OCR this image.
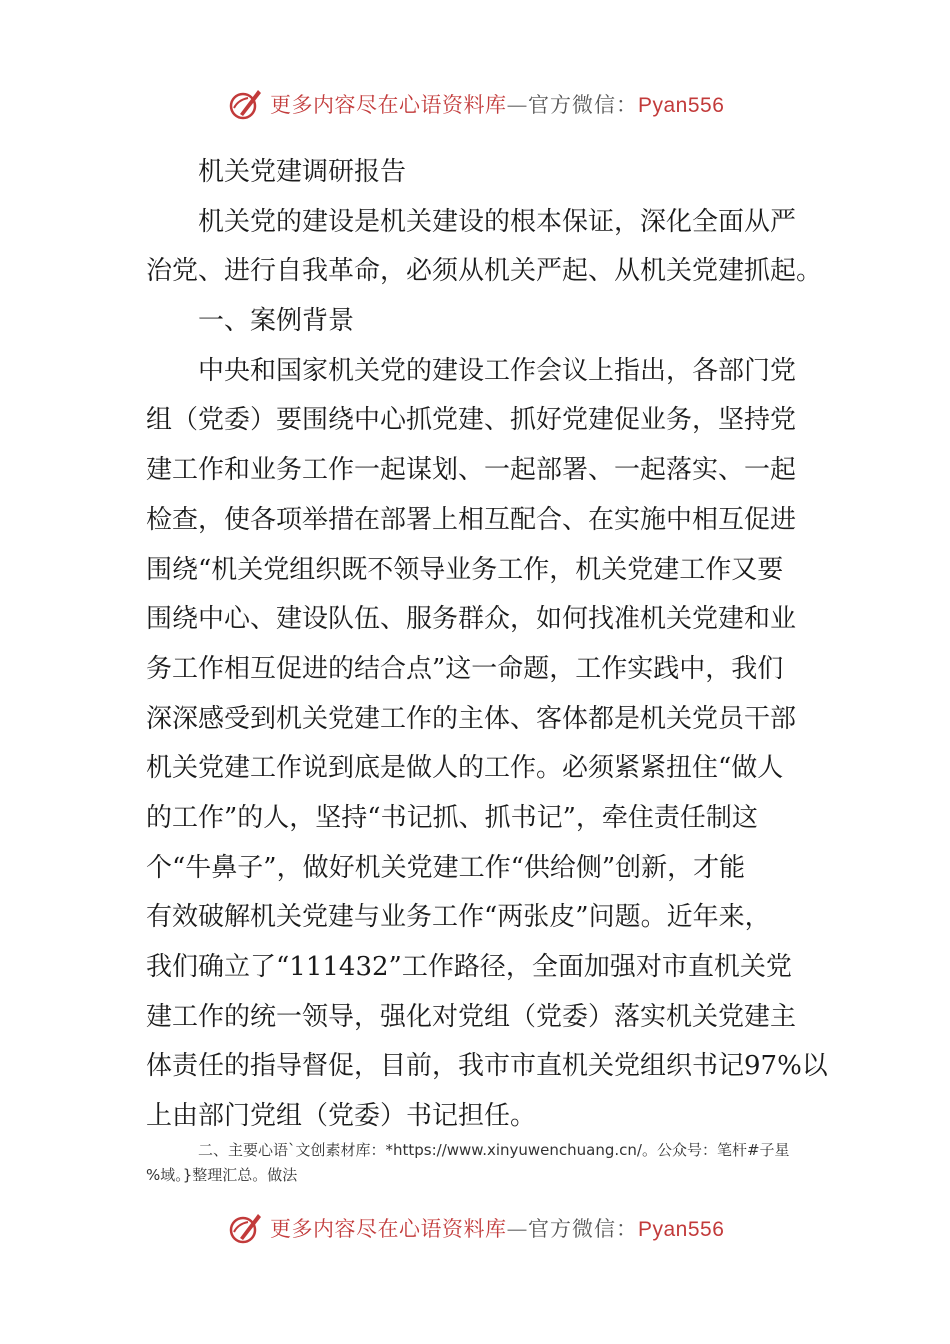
更多内容尽在心语资料库—官方微信：Pyan556
机关党建调研报告
机关党的建设是机关建设的根本保证，深化全面从严
治党、进行自我革命，必须从机关严起、从机关党建抓起。
一、案例背景
中央和国家机关党的建设工作会议上指出，各部门党
组（党委）要围绕中心抓党建、抓好党建促业务，坚持党
建工作和业务工作一起谋划、一起部署、一起落实、一起
检查，使各项举措在部署上相互配合、在实施中相互促进
围绕“机关党组织既不领导业务工作，机关党建工作又要
围绕中心、建设队伍、服务群众，如何找准机关党建和业
务工作相互促进的结合点”这一命题，工作实践中，我们
深深感受到机关党建工作的主体、客体都是机关党员干部
机关党建工作说到底是做人的工作。必须紧紧扭住“做人
的工作”的人，坚持“书记抓、抓书记”，牵住责任制这
个“牛鼻子”，做好机关党建工作“供给侧”创新，才能
有效破解机关党建与业务工作“两张皮”问题。近年来，
我们确立了“111432”工作路径，全面加强对市直机关党
建工作的统一领导，强化对党组（党委）落实机关党建主
体责任的指导督促，目前，我市市直机关党组织书记97%以
上由部门党组（党委）书记担任。
二、主要心语`文创素材库：*https://www.xinyuwenchuang.cn/。公众号：笔杆#子星
%域。}整理汇总。做法
更多内容尽在心语资料库—官方微信：Pyan556
